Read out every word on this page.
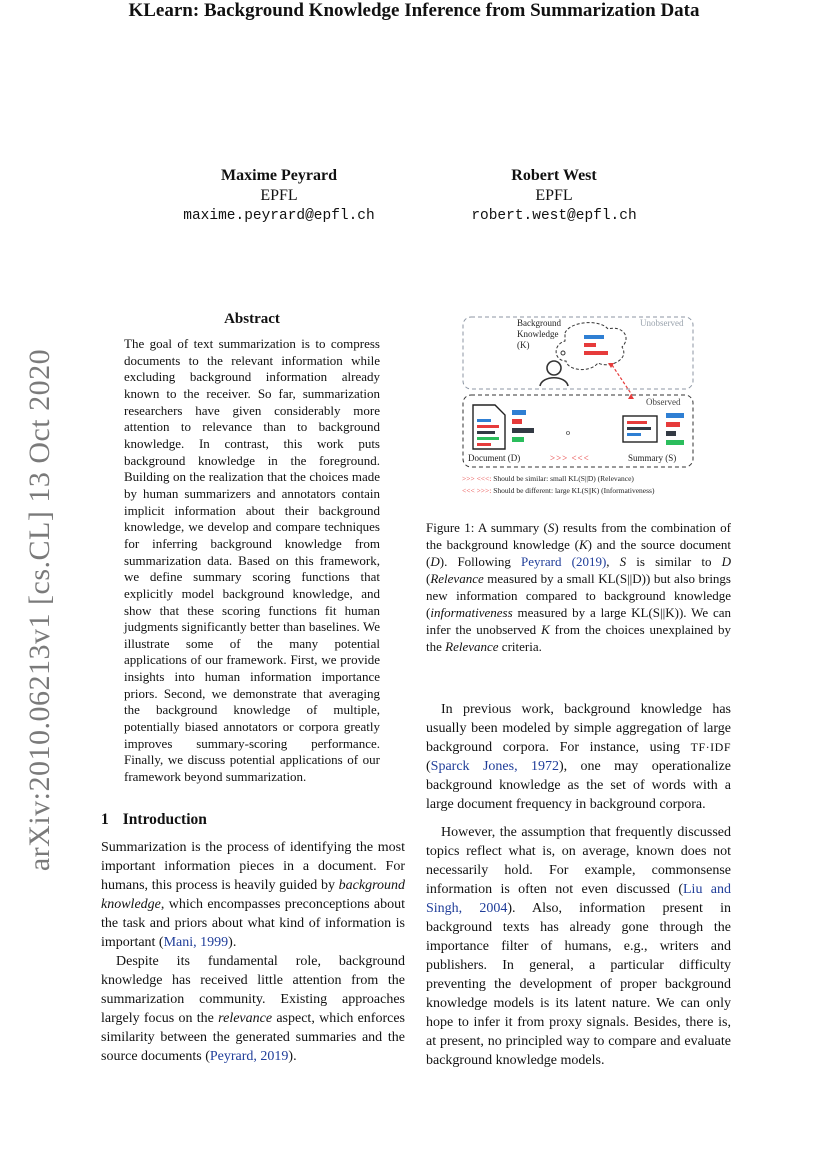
KLearn: Background Knowledge Inference from Summarization Data
Maxime Peyrard
EPFL
maxime.peyrard@epfl.ch
Robert West
EPFL
robert.west@epfl.ch
arXiv:2010.06213v1 [cs.CL] 13 Oct 2020
Abstract
The goal of text summarization is to compress documents to the relevant information while excluding background information already known to the receiver. So far, summarization researchers have given considerably more attention to relevance than to background knowledge. In contrast, this work puts background knowledge in the foreground. Building on the realization that the choices made by human summarizers and annotators contain implicit information about their background knowledge, we develop and compare techniques for inferring background knowledge from summarization data. Based on this framework, we define summary scoring functions that explicitly model background knowledge, and show that these scoring functions fit human judgments significantly better than baselines. We illustrate some of the many potential applications of our framework. First, we provide insights into human information importance priors. Second, we demonstrate that averaging the background knowledge of multiple, potentially biased annotators or corpora greatly improves summary-scoring performance. Finally, we discuss potential applications of our framework beyond summarization.
1 Introduction

Summarization is the process of identifying the most important information pieces in a document. For humans, this process is heavily guided by background knowledge, which encompasses preconceptions about the task and priors about what kind of information is important (Mani, 1999).

Despite its fundamental role, background knowledge has received little attention from the summarization community. Existing approaches largely focus on the relevance aspect, which enforces similarity between the generated summaries and the source documents (Peyrard, 2019).

Background
Knowledge
(K)
Unobserved
Observed
o
Document (D)	>>> <<<	Summary (S)
>>> <<<: Should be similar: small KL(S||D) (Relevance)
<<< >>>: Should be different: large KL(S||K) (Informativeness)
Figure 1: A summary (S) results from the combination of the background knowledge (K) and the source document (D). Following Peyrard (2019), S is similar to D (Relevance measured by a small KL(S||D)) but also brings new information compared to background knowledge (informativeness measured by a large KL(S||K)). We can infer the unobserved K from the choices unexplained by the Relevance criteria.

In previous work, background knowledge has usually been modeled by simple aggregation of large background corpora. For instance, using TF·IDF (Sparck Jones, 1972), one may operationalize background knowledge as the set of words with a large document frequency in background corpora.

However, the assumption that frequently discussed topics reflect what is, on average, known does not necessarily hold. For example, commonsense information is often not even discussed (Liu and Singh, 2004). Also, information present in background texts has already gone through the importance filter of humans, e.g., writers and publishers. In general, a particular difficulty preventing the development of proper background knowledge models is its latent nature. We can only hope to infer it from proxy signals. Besides, there is, at present, no principled way to compare and evaluate background knowledge models.
